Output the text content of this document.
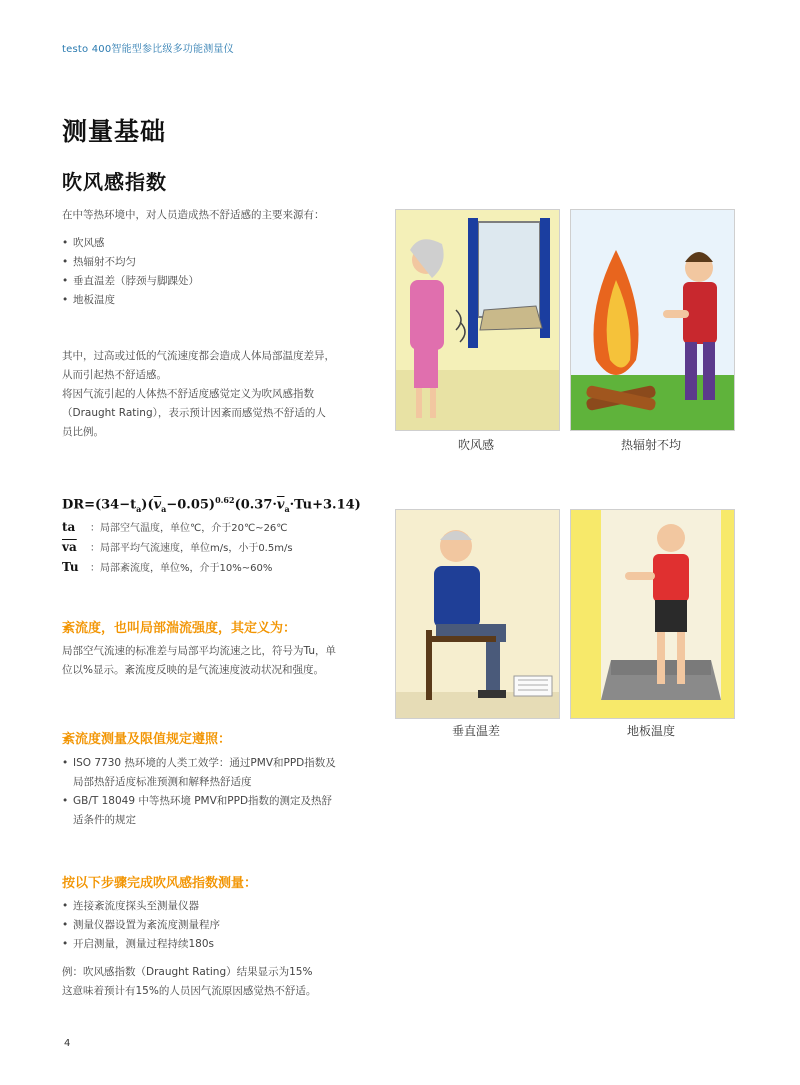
testo 400智能型参比级多功能测量仪
测量基础
吹风感指数
在中等热环境中，对人员造成热不舒适感的主要来源有：
• 吹风感
• 热辐射不均匀
• 垂直温差（脖颈与脚踝处）
• 地板温度
其中，过高或过低的气流速度都会造成人体局部温度差异，
从而引起热不舒适感。
将因气流引起的人体热不舒适度感觉定义为吹风感指数
（Draught Rating），表示预计因紊而感觉热不舒适的人
员比例。
$DR=(34-t_a)(\overline{v}_a-0.05)^{0.62}(0.37\cdot\overline{v}_a\cdot Tu+3.14)$
ta ：局部空气温度，单位℃，介于20℃~26℃
$\overline{va}$ ：局部平均气流速度，单位m/s，小于0.5m/s
Tu ：局部紊流度，单位%，介于10%~60%
紊流度，也叫局部湍流强度，其定义为：
局部空气流速的标准差与局部平均流速之比，符号为Tu，单
位以%显示。紊流度反映的是气流速度波动状况和强度。
紊流度测量及限值规定遵照：
• ISO 7730 热环境的人类工效学：通过PMV和PPD指数及
局部热舒适度标准预测和解释热舒适度
• GB/T 18049 中等热环境 PMV和PPD指数的测定及热舒
适条件的规定
按以下步骤完成吹风感指数测量：
• 连接紊流度探头至测量仪器
• 测量仪器设置为紊流度测量程序
• 开启测量，测量过程持续180s
例：吹风感指数（Draught Rating）结果显示为15%
这意味着预计有15%的人员因气流原因感觉热不舒适。
吹风感	热辐射不均
垂直温差	地板温度
4
